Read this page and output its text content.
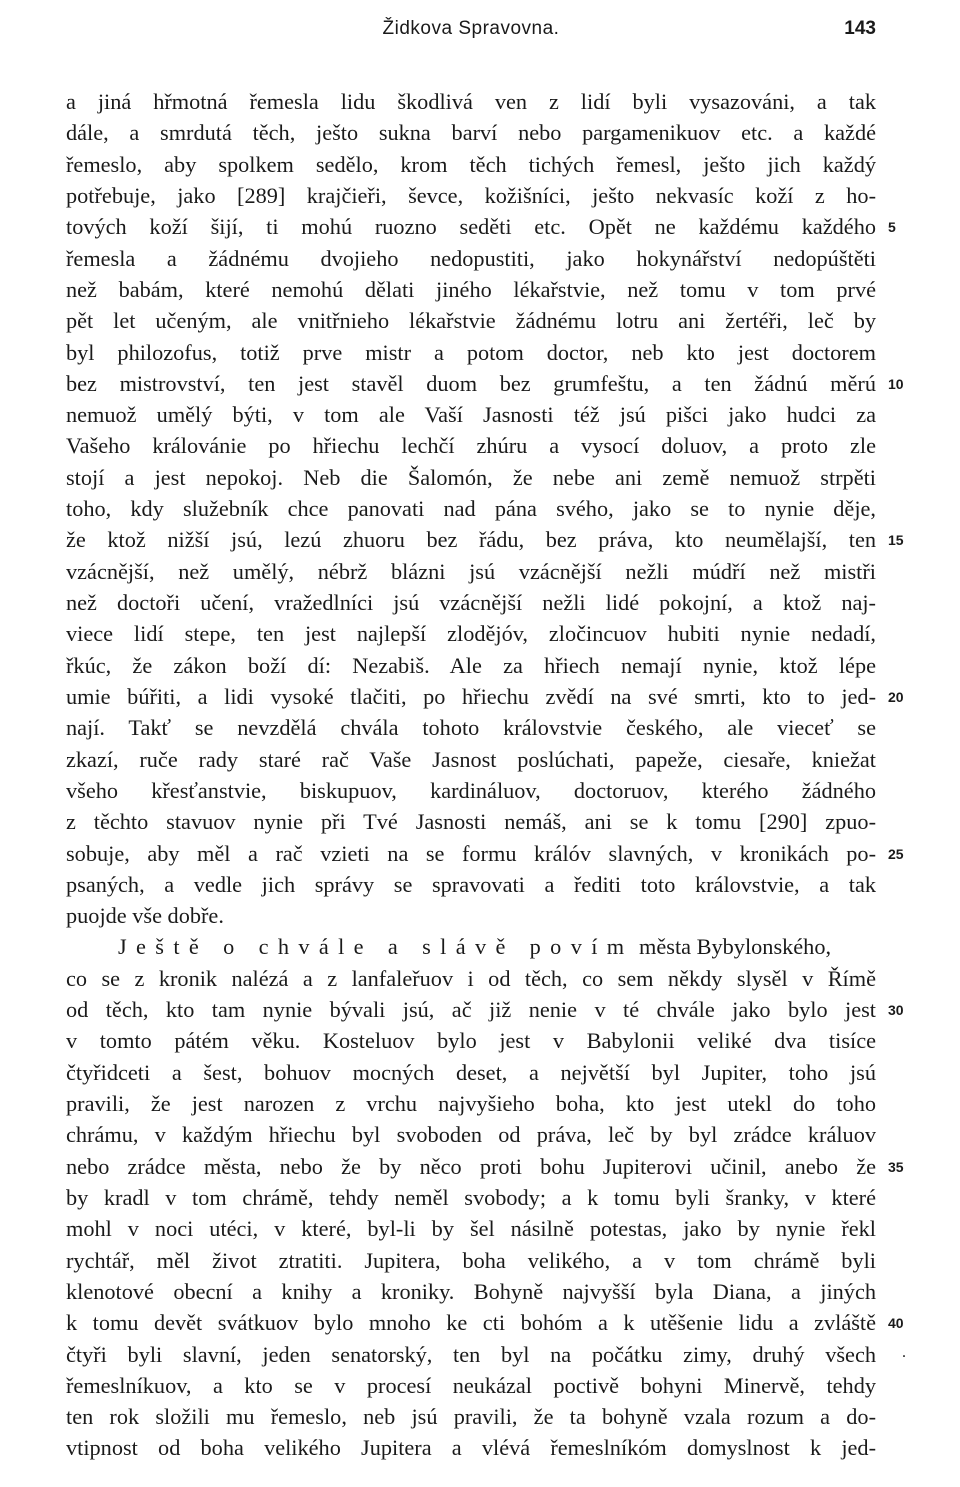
Židkova Spravovna.	143
a jiná hřmotná řemesla lidu škodlivá ven z lidí byli vysazováni, a tak
dále, a smrdutá těch, ješto sukna barví nebo pargamenikuov etc. a každé
řemeslo, aby spolkem sedělo, krom těch tichých řemesl, ješto jich každý
potřebuje, jako [289] krajčieři, ševce, kožišníci, ješto nekvasíc koží z ho-
tových koží šijí, ti mohú ruozno seděti etc. Opět ne každému každého 5
řemesla a žádnému dvojieho nedopustiti, jako hokynářství nedopúštěti
než babám, které nemohú dělati jiného lékařstvie, než tomu v tom prvé
pět let učeným, ale vnitřnieho lékařstvie žádnému lotru ani žertéři, leč by
byl philozofus, totiž prve mistr a potom doctor, neb kto jest doctorem
bez mistrovství, ten jest stavěl duom bez grumfeštu, a ten žádnú měrú 10
nemuož umělý býti, v tom ale Vaší Jasnosti též jsú pišci jako hudci za
Vašeho královánie po hřiechu lechčí zhúru a vysocí doluov, a proto zle
stojí a jest nepokoj. Neb die Šalomón, že nebe ani země nemuož strpěti
toho, kdy služebník chce panovati nad pána svého, jako se to nynie děje,
že ktož nižší jsú, lezú zhuoru bez řádu, bez práva, kto neumělajší, ten 15
vzácnější, než umělý, nébrž blázni jsú vzácnější nežli múdří než mistři
než doctoři učení, vražedlníci jsú vzácnější nežli lidé pokojní, a ktož naj-
viece lidí stepe, ten jest najlepší zlodějóv, zločincuov hubiti nynie nedadí,
řkúc, že zákon boží dí: Nezabiš. Ale za hřiech nemají nynie, ktož lépe
umie búřiti, a lidi vysoké tlačiti, po hřiechu zvědí na své smrti, kto to jed- 20
nají. Takť se nevzdělá chvála tohoto královstvie českého, ale viecеť se
zkazí, ruče rady staré rač Vaše Jasnost poslúchati, papeže, ciesaře, kniežat
všeho křesťanstvie, biskupuov, kardináluov, doctoruov, kterého žádného
z těchto stavuov nynie při Tvé Jasnosti nemáš, ani se k tomu [290] zpuo-
sobuje, aby měl a rač vzieti na se formu králóv slavných, v kronikách po- 25
psaných, a vedle jich správy se spravovati a řediti toto královstvie, a tak
puojde vše dobře.
Ještě o chvále a slávě povím města Bybylonského,
co se z kronik nalézá a z lanfaleřuov i od těch, co sem někdy slysěl v Římě
od těch, kto tam nynie bývali jsú, ač již nenie v té chvále jako bylo jest 30
v tomto pátém věku. Kosteluov bylo jest v Babylonii veliké dva tisíce
čtyřidceti a šest, bohuov mocných deset, a největší byl Jupiter, toho jsú
pravili, že jest narozen z vrchu najvyšieho boha, kto jest utekl do toho
chrámu, v každým hřiechu byl svoboden od práva, leč by byl zrádce králuov
nebo zrádce města, nebo že by něco proti bohu Jupiterovi učinil, anebo že 35
by kradl v tom chrámě, tehdy neměl svobody; a k tomu byli šranky, v které
mohl v noci utéci, v které, byl-li by šel násilně potestas, jako by nynie řekl
rychtář, měl život ztratiti. Jupitera, boha velikého, a v tom chrámě byli
klenotové obecní a knihy a kroniky. Bohyně najvyšší byla Diana, a jiných
k tomu devět svátkuov bylo mnoho ke cti bohóm a k utěšenie lidu a zvláště 40
čtyři byli slavní, jeden senatorský, ten byl na počátku zimy, druhý všech .
řemeslníkuov, a kto se v procesí neukázal poctivě bohyni Minervě, tehdy
ten rok složili mu řemeslo, neb jsú pravili, že ta bohyně vzala rozum a do-
vtipnost od boha velikého Jupitera a vlévá řemeslníkóm domyslnost k jed-
